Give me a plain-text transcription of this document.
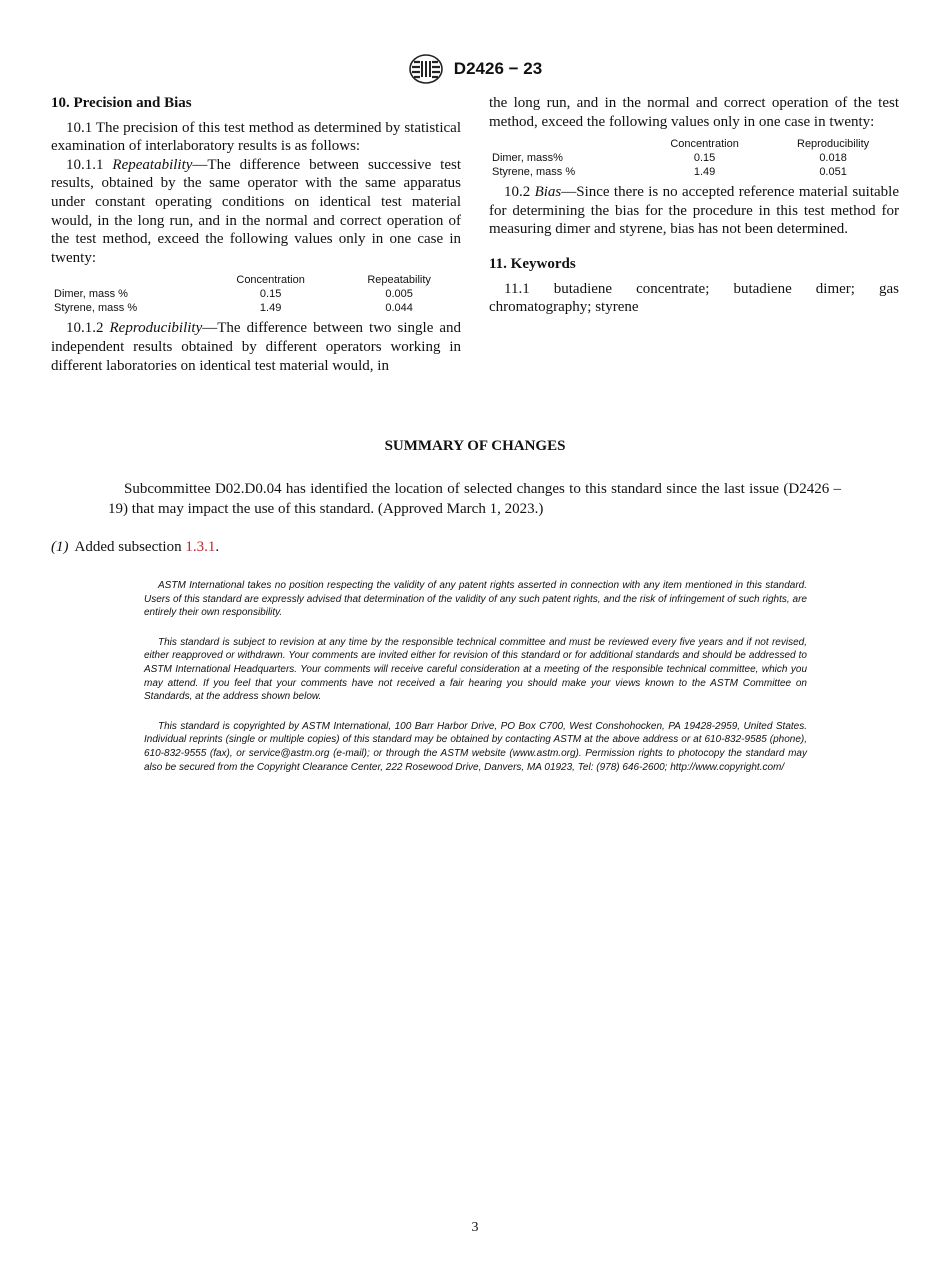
D2426 − 23
10. Precision and Bias

10.1 The precision of this test method as determined by statistical examination of interlaboratory results is as follows:

10.1.1 Repeatability—The difference between successive test results, obtained by the same operator with the same apparatus under constant operating conditions on identical test material would, in the long run, and in the normal and correct operation of the test method, exceed the following values only in one case in twenty:

	Concentration	Repeatability
Dimer, mass %	0.15	0.005
Styrene, mass %	1.49	0.044

10.1.2 Reproducibility—The difference between two single and independent results obtained by different operators working in different laboratories on identical test material would, in

the long run, and in the normal and correct operation of the test method, exceed the following values only in one case in twenty:

	Concentration	Reproducibility
Dimer, mass%	0.15	0.018
Styrene, mass %	1.49	0.051

10.2 Bias—Since there is no accepted reference material suitable for determining the bias for the procedure in this test method for measuring dimer and styrene, bias has not been determined.

11. Keywords

11.1 butadiene concentrate; butadiene dimer; gas chromatography; styrene

SUMMARY OF CHANGES
Subcommittee D02.D0.04 has identified the location of selected changes to this standard since the last issue (D2426 – 19) that may impact the use of this standard. (Approved March 1, 2023.)
(1) Added subsection 1.3.1.

ASTM International takes no position respecting the validity of any patent rights asserted in connection with any item mentioned in this standard. Users of this standard are expressly advised that determination of the validity of any such patent rights, and the risk of infringement of such rights, are entirely their own responsibility.

This standard is subject to revision at any time by the responsible technical committee and must be reviewed every five years and if not revised, either reapproved or withdrawn. Your comments are invited either for revision of this standard or for additional standards and should be addressed to ASTM International Headquarters. Your comments will receive careful consideration at a meeting of the responsible technical committee, which you may attend. If you feel that your comments have not received a fair hearing you should make your views known to the ASTM Committee on Standards, at the address shown below.

This standard is copyrighted by ASTM International, 100 Barr Harbor Drive, PO Box C700, West Conshohocken, PA 19428-2959, United States. Individual reprints (single or multiple copies) of this standard may be obtained by contacting ASTM at the above address or at 610-832-9585 (phone), 610-832-9555 (fax), or service@astm.org (e-mail); or through the ASTM website (www.astm.org). Permission rights to photocopy the standard may also be secured from the Copyright Clearance Center, 222 Rosewood Drive, Danvers, MA 01923, Tel: (978) 646-2600; http://www.copyright.com/

3
